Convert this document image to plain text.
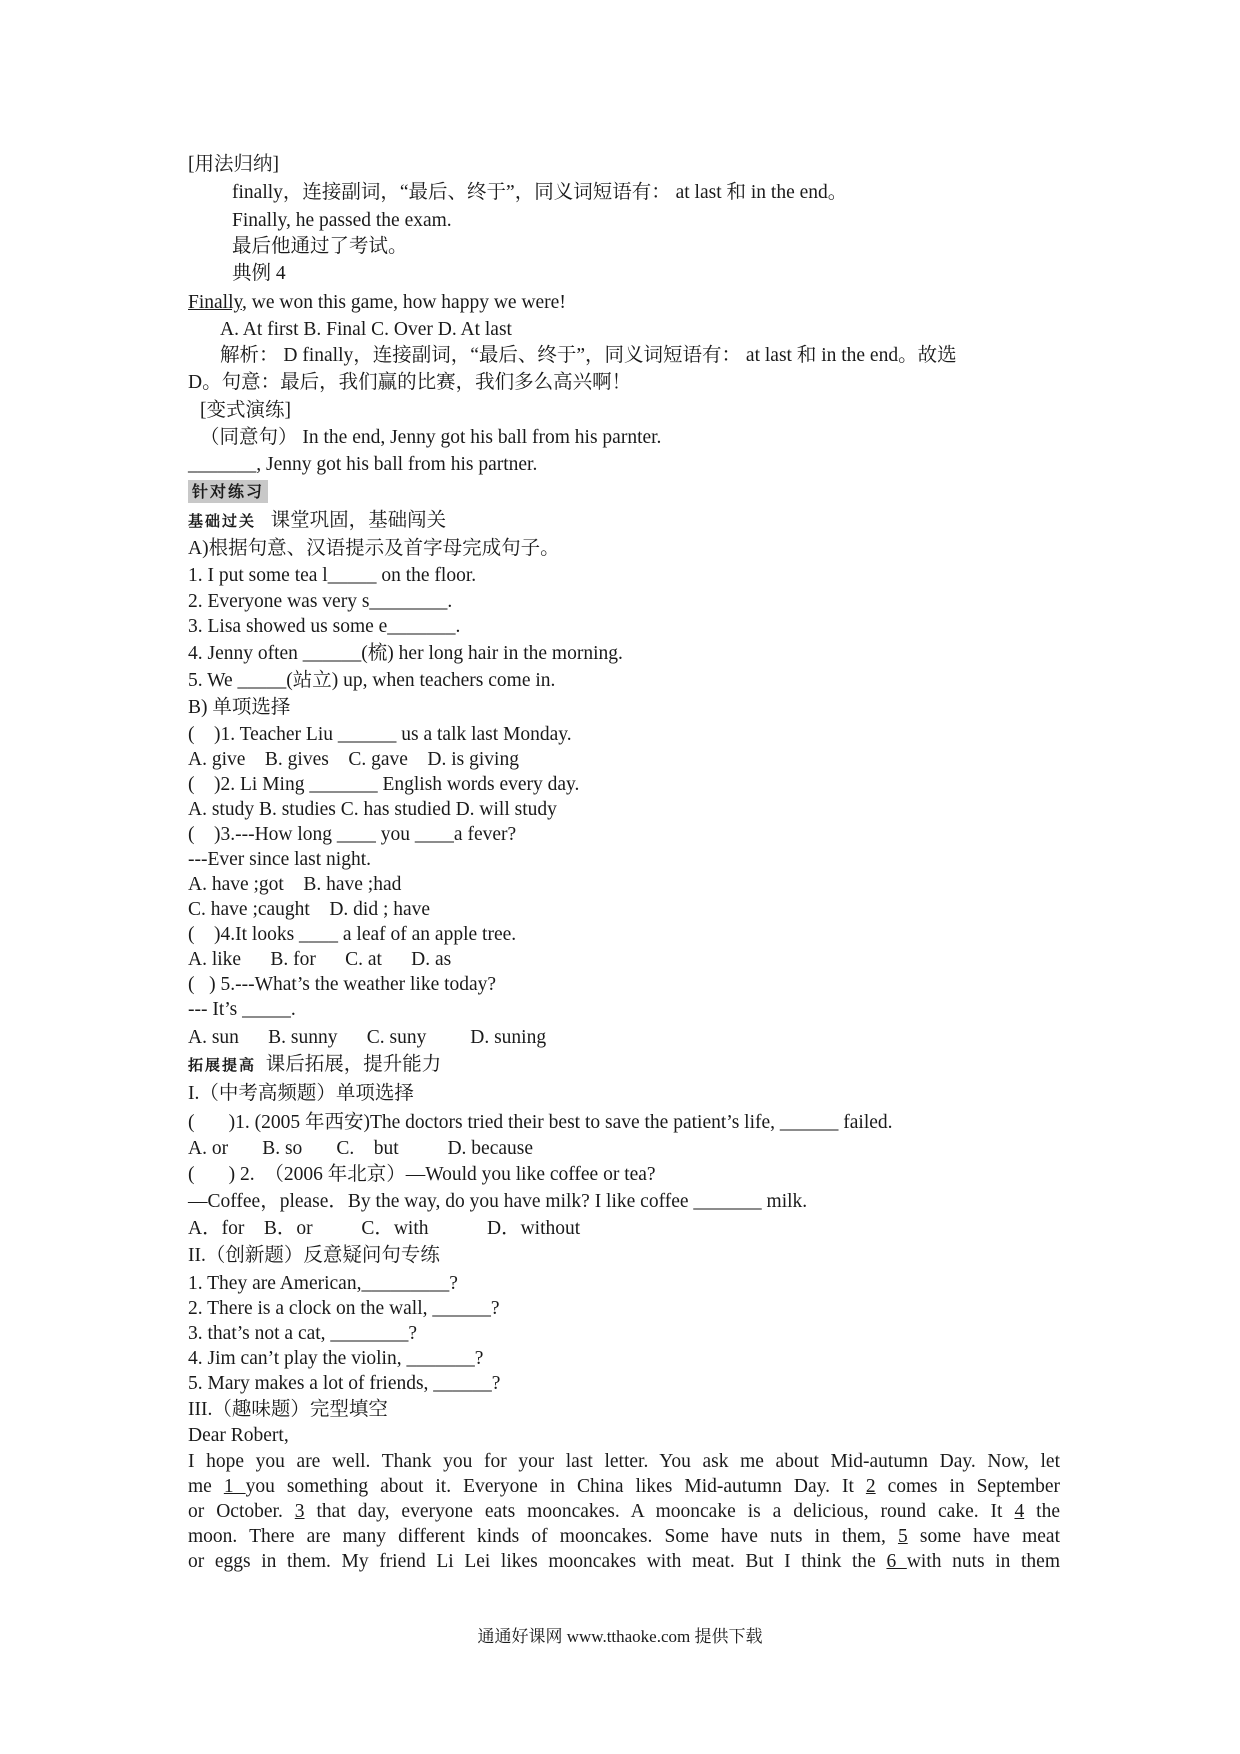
[用法归纳]
finally，连接副词，“最后、终于”，同义词短语有： at last 和 in the end。
Finally, he passed the exam.
最后他通过了考试。
典例 4
Finally, we won this game, how happy we were!
A. At first B. Final C. Over D. At last
解析： D finally，连接副词，“最后、终于”，同义词短语有： at last 和 in the end。故选
D。句意：最后，我们赢的比赛，我们多么高兴啊！
[变式演练]
（同意句） In the end, Jenny got his ball from his parnter.
_______, Jenny got his ball from his partner.
针对练习
基础过关 课堂巩固，基础闯关
A)根据句意、汉语提示及首字母完成句子。
1. I put some tea l_____ on the floor.
2. Everyone was very s________.
3. Lisa showed us some e_______.
4. Jenny often ______(梳) her long hair in the morning.
5. We _____(站立) up, when teachers come in.
B) 单项选择
(    )1. Teacher Liu ______ us a talk last Monday.
A. give    B. gives    C. gave    D. is giving
(    )2. Li Ming _______ English words every day.
A. study B. studies C. has studied D. will study
(    )3.---How long ____ you ____a fever?
---Ever since last night.
A. have ;got    B. have ;had
C. have ;caught    D. did ; have
(    )4.It looks ____ a leaf of an apple tree.
A. like      B. for      C. at      D. as
(   ) 5.---What’s the weather like today?
--- It’s _____.
A. sun      B. sunny      C. suny         D. suning
拓展提高 课后拓展，提升能力
I.（中考高频题）单项选择
(       )1. (2005 年西安)The doctors tried their best to save the patient’s life, ______ failed.
A. or       B. so       C.    but          D. because
(       ) 2.  （2006 年北京）—Would you like coffee or tea?
—Coffee，please．By the way, do you have milk? I like coffee _______ milk.
A．for    B．or          C．with            D．without
II.（创新题）反意疑问句专练
1. They are American,_________?
2. There is a clock on the wall, ______?
3. that’s not a cat, ________?
4. Jim can’t play the violin, _______?
5. Mary makes a lot of friends, ______?
III.（趣味题）完型填空
Dear Robert,
I hope you are well. Thank you for your last letter. You ask me about Mid-autumn Day. Now, let
me 1 you something about it. Everyone in China likes Mid-autumn Day. It 2 comes in September
or October. 3 that day, everyone eats mooncakes. A mooncake is a delicious, round cake. It 4 the
moon. There are many different kinds of mooncakes. Some have nuts in them, 5 some have meat
or eggs in them. My friend Li Lei likes mooncakes with meat. But I think the 6 with nuts in them
通通好课网 www.tthaoke.com 提供下载
